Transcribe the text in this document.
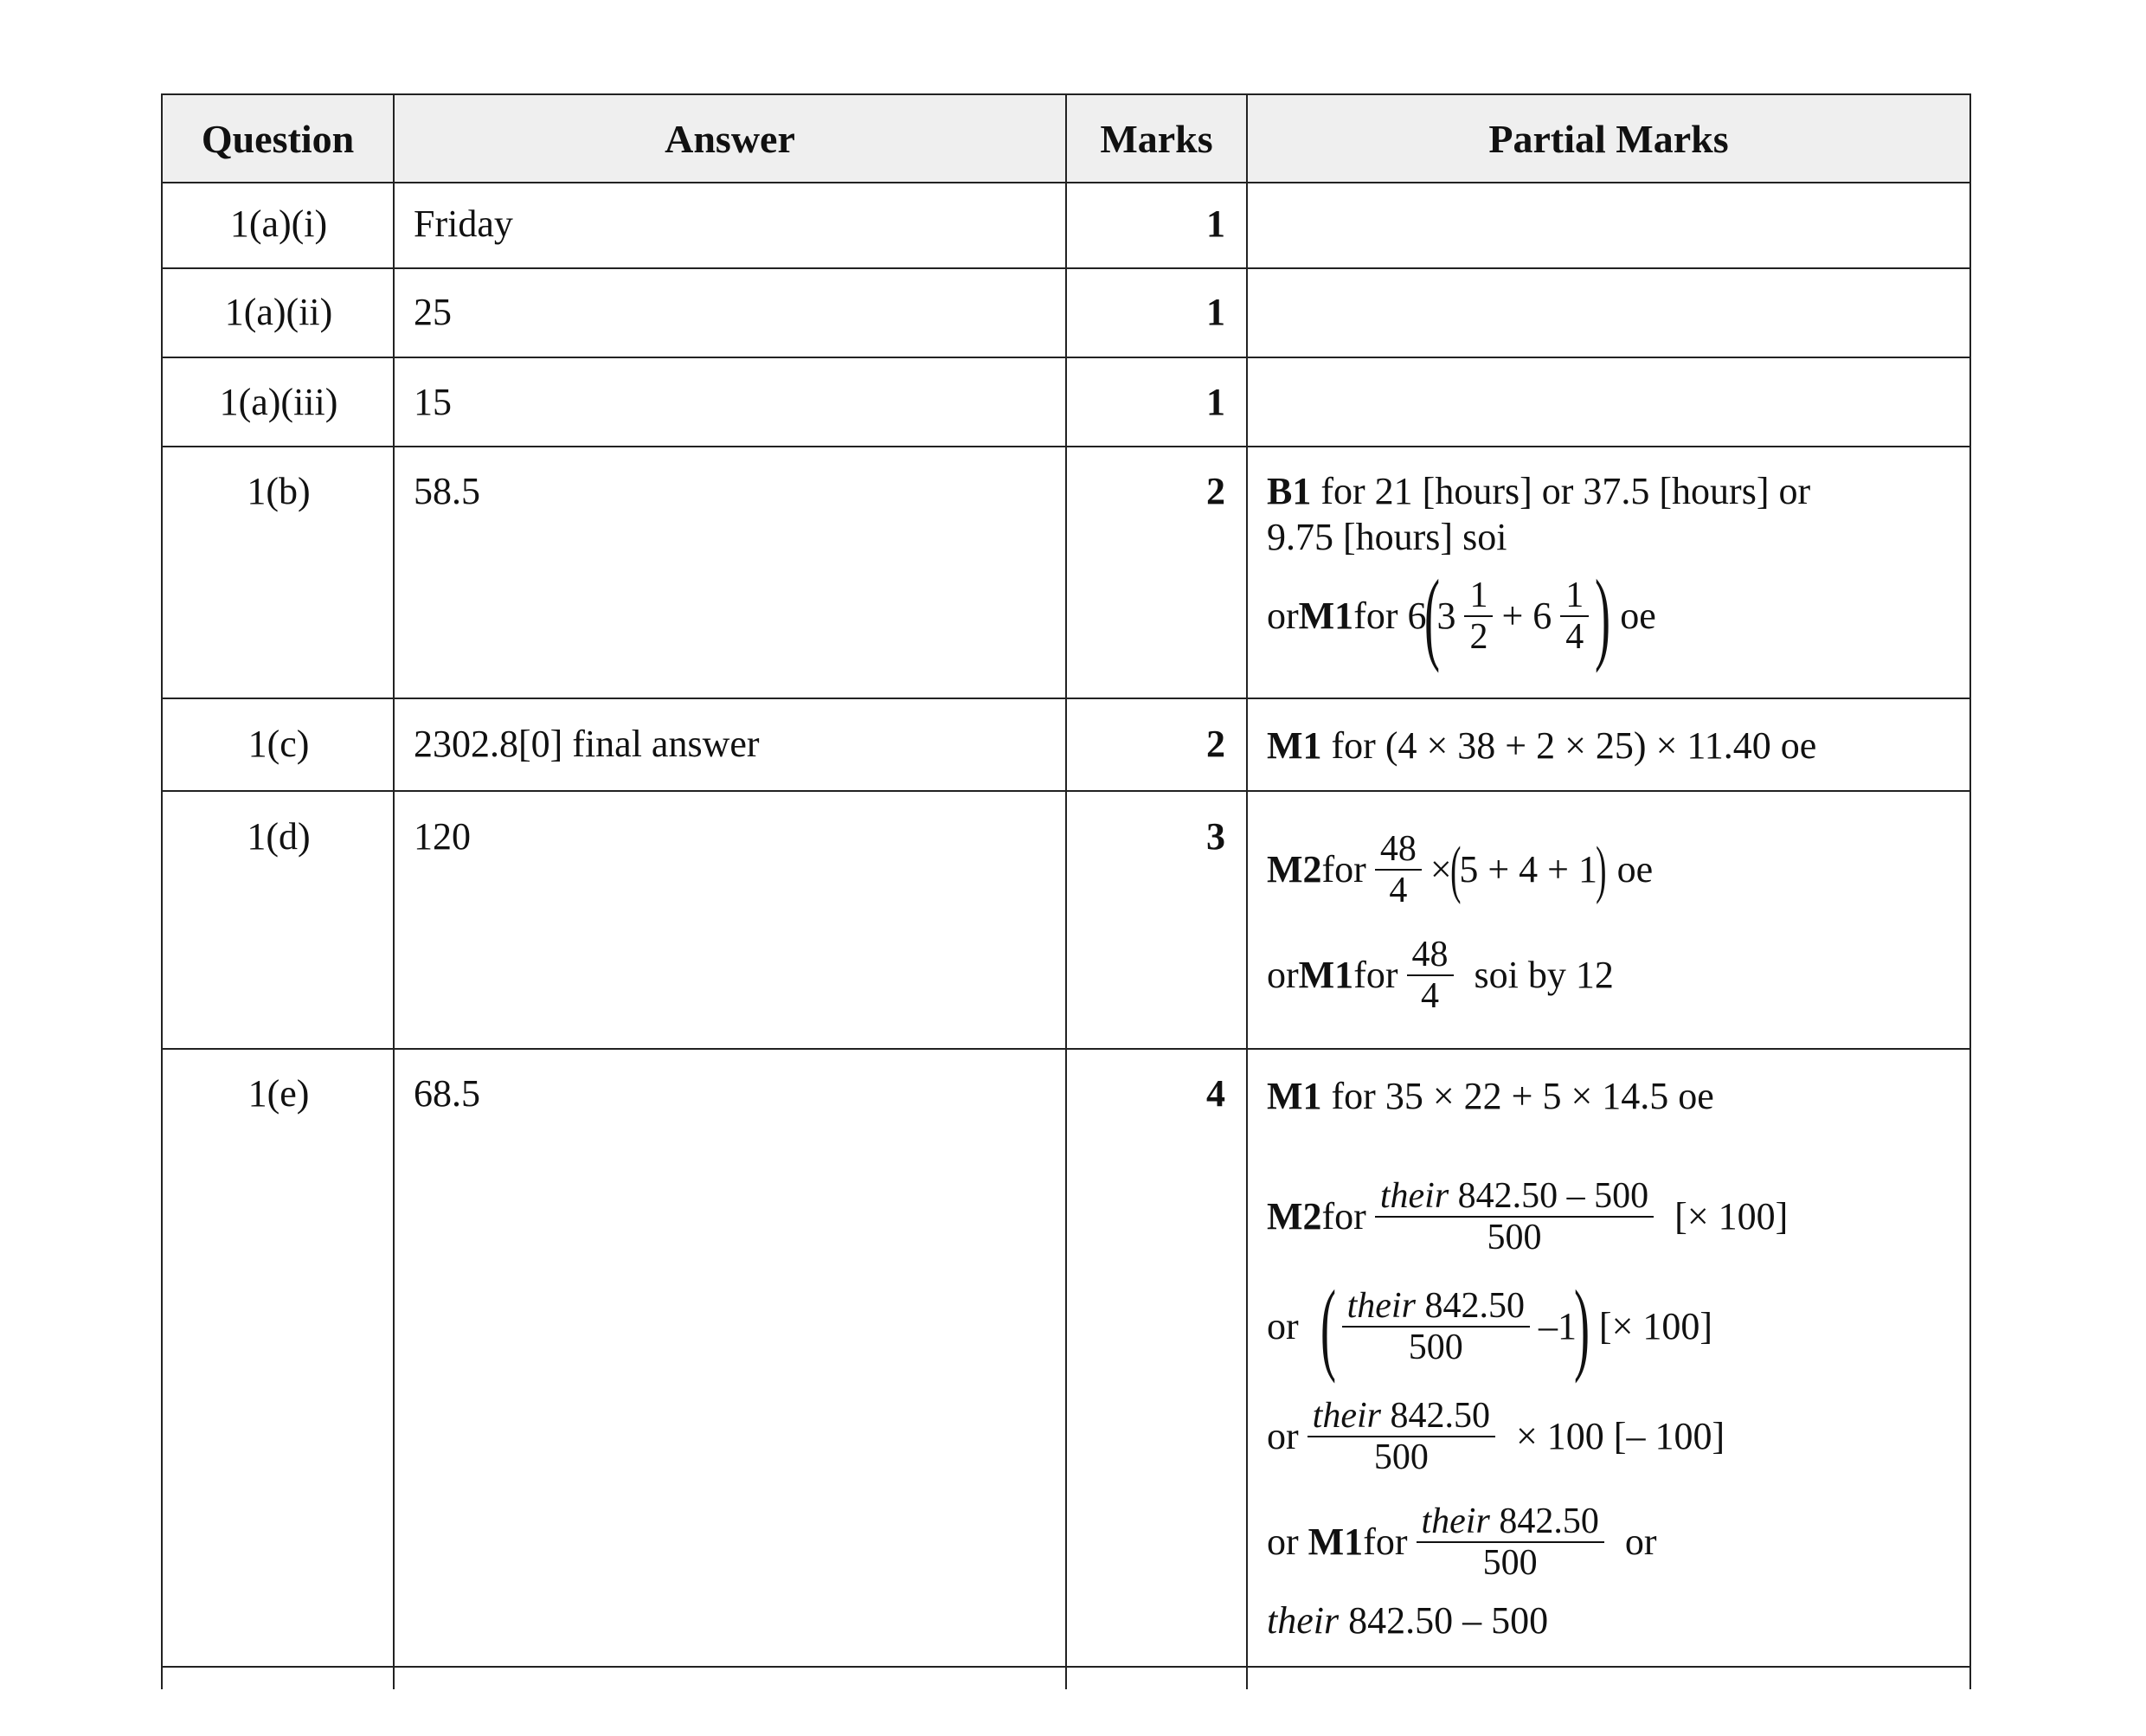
Question	Answer	Marks	Partial Marks
1(a)(i)	Friday	1
1(a)(ii)	25	1
1(a)(iii)	15	1
1(b)	58.5	2 B1 for 21 [hours] or 37.5 [hours] or
9.75 [hours] soi
or M1 for 6
(
$3 \frac{1}{2} + 6 \frac{1}{4}$ ) oe
1(c)	2302.8[0] final answer	2 M1 for (4 × 38 + 2 × 25) × 11.40 oe
1(d)	120	3
M2 for $\frac{48}{4}$ ×
(
5 + 4 + 1
) oe
or M1 for $\frac{48}{4}$ soi by 12
1(e)	68.5	4 M1 for 35 × 22 + 5 × 14.5 oe
M2 for $\frac{\text{their 842.50 – 500}}{500}$ [× 100]
or ( $\frac{\text{their 842.50}}{500} -1$
) [× 100]
or $\frac{\text{their 842.50}}{500} \times 100$ [– 100]
or
M1 for $\frac{\text{their 842.50}}{500}$ or
their 842.50 – 500
